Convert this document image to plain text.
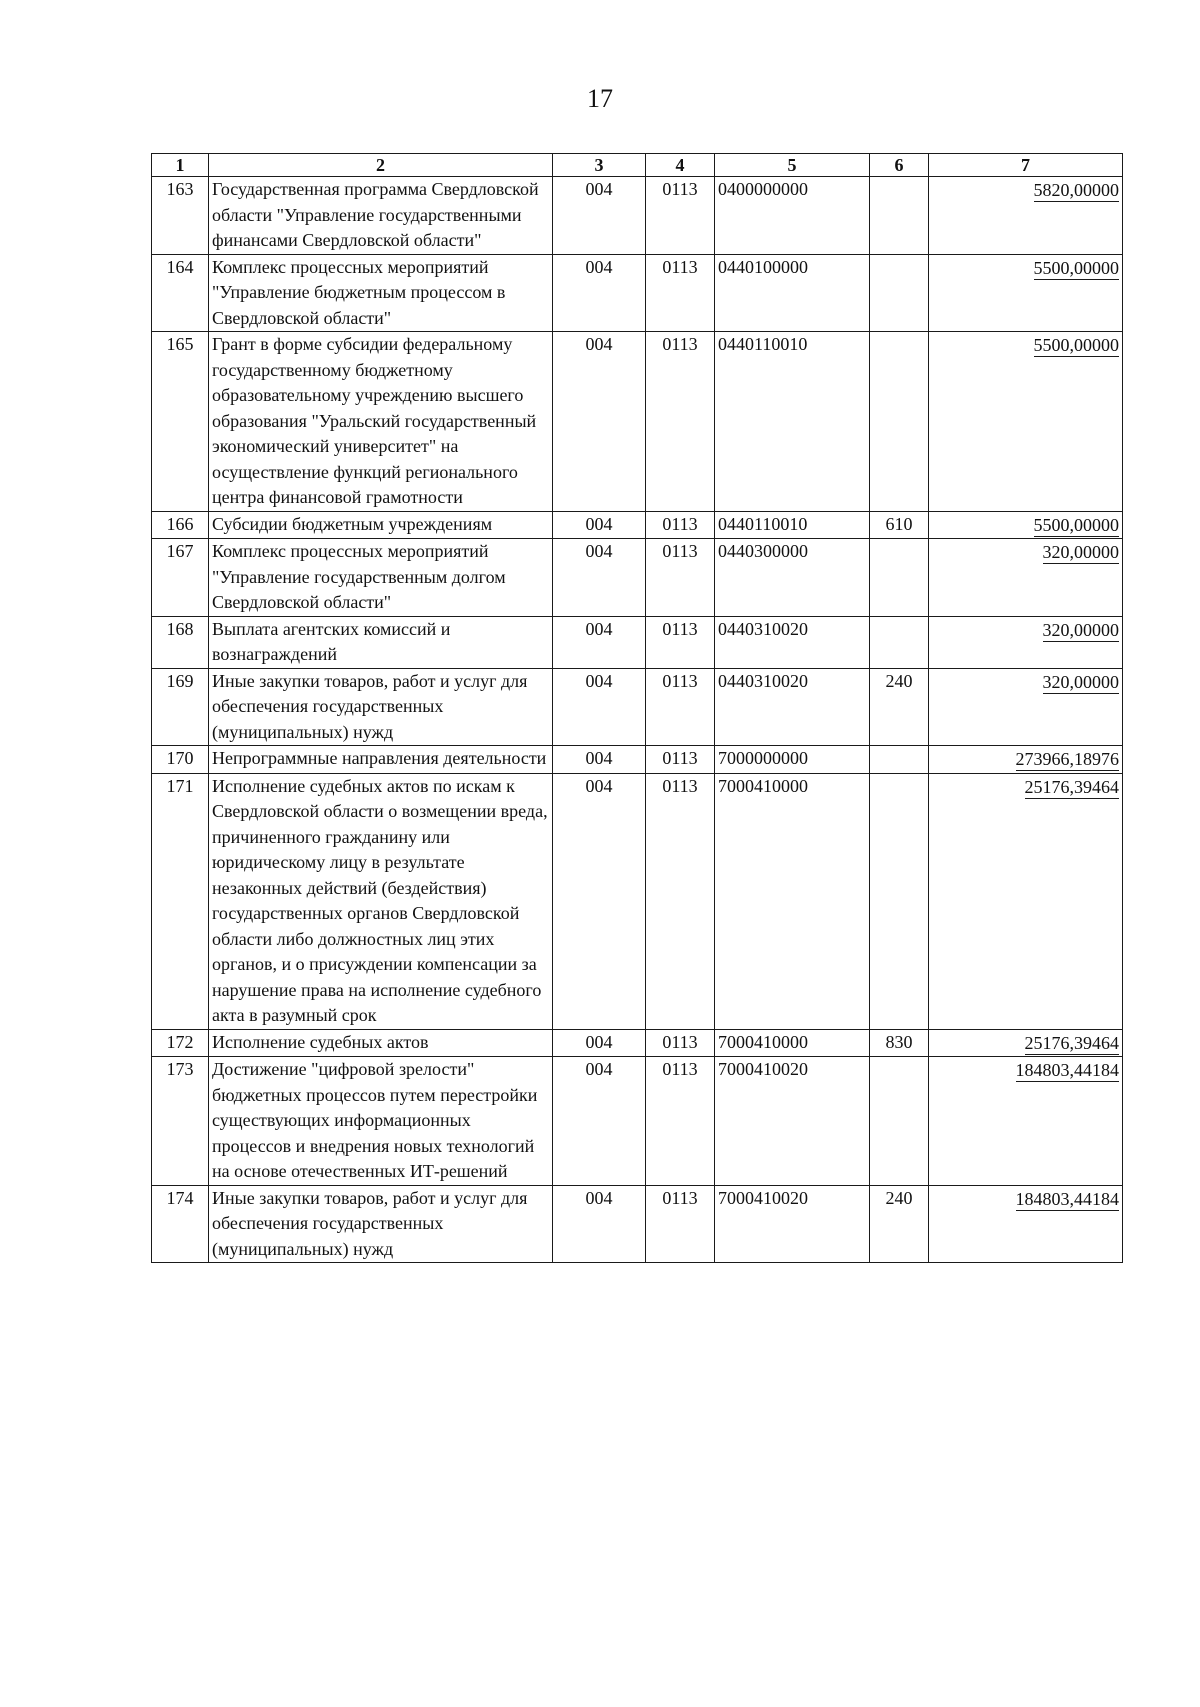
17
1	2	3	4	5	6	7
163	Государственная программа Свердловской области "Управление государственными финансами Свердловской области"	004	0113	0400000000		5820,00000
164	Комплекс процессных мероприятий "Управление бюджетным процессом в Свердловской области"	004	0113	0440100000		5500,00000
165	Грант в форме субсидии федеральному государственному бюджетному образовательному учреждению высшего образования "Уральский государственный экономический университет" на осуществление функций регионального центра финансовой грамотности	004	0113	0440110010		5500,00000
166	Субсидии бюджетным учреждениям	004	0113	0440110010	610	5500,00000
167	Комплекс процессных мероприятий "Управление государственным долгом Свердловской области"	004	0113	0440300000		320,00000
168	Выплата агентских комиссий и вознаграждений	004	0113	0440310020		320,00000
169	Иные закупки товаров, работ и услуг для обеспечения государственных (муниципальных) нужд	004	0113	0440310020	240	320,00000
170	Непрограммные направления деятельности	004	0113	7000000000		273966,18976
171	Исполнение судебных актов по искам к Свердловской области о возмещении вреда, причиненного гражданину или юридическому лицу в результате незаконных действий (бездействия) государственных органов Свердловской области либо должностных лиц этих органов, и о присуждении компенсации за нарушение права на исполнение судебного акта в разумный срок	004	0113	7000410000		25176,39464
172	Исполнение судебных актов	004	0113	7000410000	830	25176,39464
173	Достижение "цифровой зрелости" бюджетных процессов путем перестройки существующих информационных процессов и внедрения новых технологий на основе отечественных ИТ-решений	004	0113	7000410020		184803,44184
174	Иные закупки товаров, работ и услуг для обеспечения государственных (муниципальных) нужд	004	0113	7000410020	240	184803,44184
